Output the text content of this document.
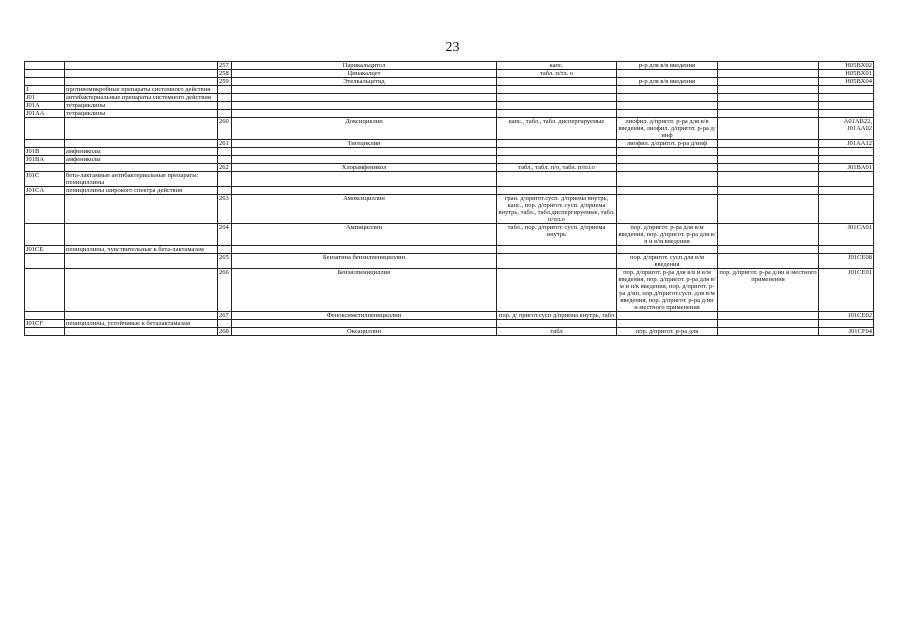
23
		257	Парикальцитол	капс.	р-р для в/в введения		H05BX02
		258	Цинакалцет	табл. п/тл. о			H05BX01
		259	Этелкальцетид		р-р для в/в введения		H05BX04
J	противомикробные препараты системного действия						
J01	антибактериальные препараты системного действия						
J01A	тетрациклины						
J01AA	тетрациклины						
		260	Доксициклин	капс., табл., табл. диспергируемые	лиофил. д/пригот. р-ра для в/в введения, лиофил. д/пригот. р-ра д/инф		A01AB22, J01AA02
		261	Тигециклин		лиофил. д/пригот. р-ра д/инф		J01AA12
J01B	амфениколы						
J01BA	амфениколы						
		262	Хлорамфеникол	табл., табл. п/о, табл. п/пл.о			J01BA01
J01C	бета-лактамные антибактериальные препараты: пенициллины						
J01CA	пенициллины широкого спектра действия						
		263	Амоксициллин	гран. д/пригот.сусп. д/приема внутрь, капс., пор. д/пригот. сусп. д/приема внутрь, табл., табл.диспергируемые, табл. п/пл.о			
		264	Ампициллин	табл., пор. д/пригот. сусп. д/приема внутрь	пор. д/пригот. р-ра для в/м введения, пор. д/пригот. р-ра для в/в и в/м введения		J01CA01
J01CE	пенициллины, чувствительные к бета-лактамазам						
		265	Бензатина бензилпенициллин		пор. д/пригот. сусп.для в/м введения		J01CE08
		266	Бензилпенициллин		пор. д/пригот. р-ра для в/в и в/м введения, пор. д/пригот. р-ра для в/м и п/к введения, пор. д/пригот. р-ра д/ин, пор.д/пригот.сусп. для в/м введения, пор. д/пригот. р-ра д/ин и местного применения	пор. д/пригот. р-ра д/ин и местного применения	J01CE01
		267	Феноксиметилпенициллин	пор. д/ пригот.сусп д/приема внутрь, табл			J01CE02
J01CF	пенициллины, устойчивые к беталактамазам						
		268	Оксациллин	табл	пор. д/пригот. р-ра для		J01CF04
